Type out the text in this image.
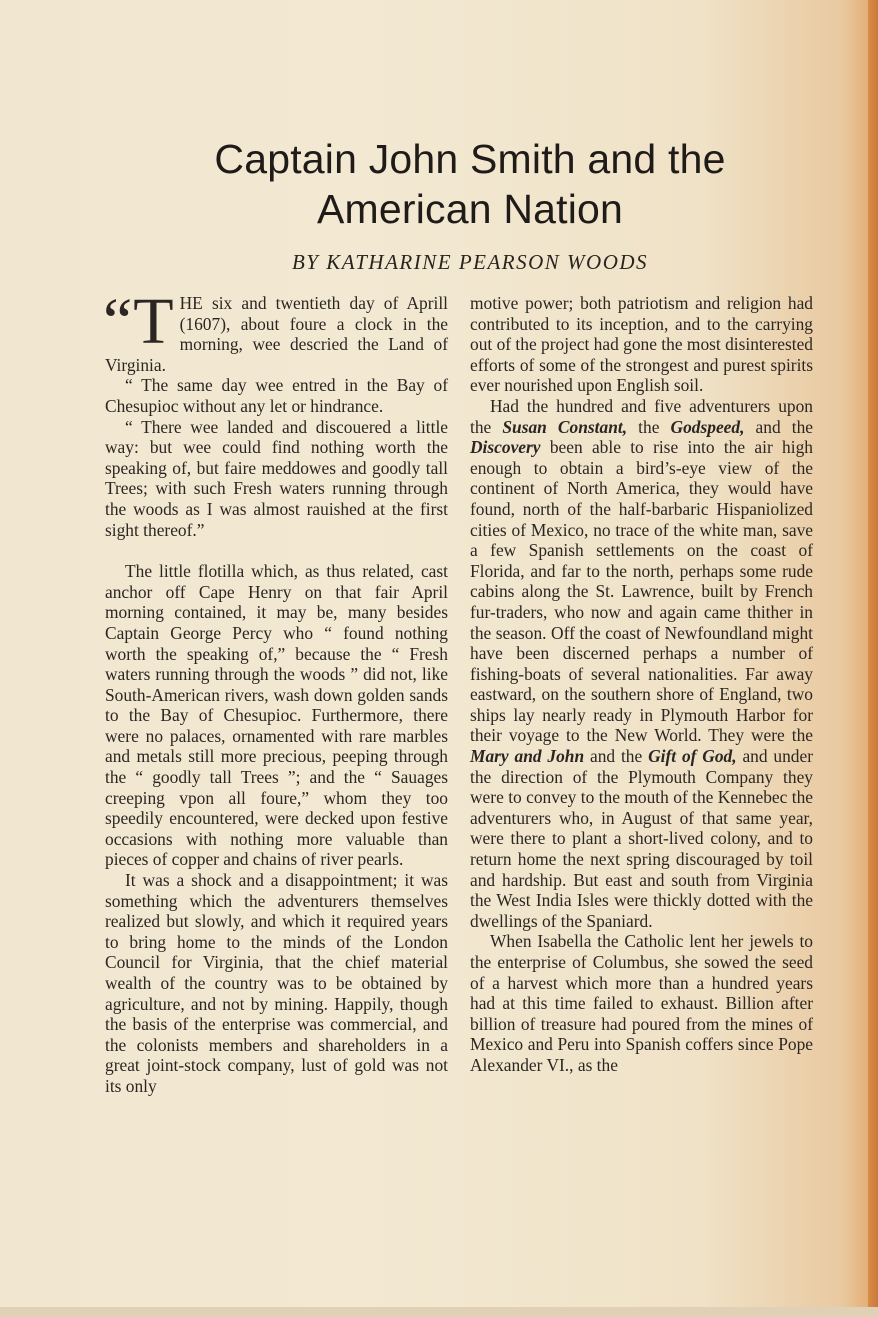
Captain John Smith and the
American Nation
BY KATHARINE PEARSON WOODS

“T HE six and twentieth day of Aprill (1607), about foure a clock in the morning, wee descried the Land of Virginia.

“ The same day wee entred in the Bay of Chesupioc without any let or hindrance.

“ There wee landed and discouered a little way: but wee could find nothing worth the speaking of, but faire meddowes and goodly tall Trees; with such Fresh waters running through the woods as I was almost rauished at the first sight thereof.”

The little flotilla which, as thus related, cast anchor off Cape Henry on that fair April morning contained, it may be, many besides Captain George Percy who “ found nothing worth the speaking of,” because the “ Fresh waters running through the woods ” did not, like South-American rivers, wash down golden sands to the Bay of Chesupioc. Furthermore, there were no palaces, ornamented with rare marbles and metals still more precious, peeping through the “ goodly tall Trees ”; and the “ Sauages creeping vpon all foure,” whom they too speedily encountered, were decked upon festive occasions with nothing more valuable than pieces of copper and chains of river pearls.

It was a shock and a disappointment; it was something which the adventurers themselves realized but slowly, and which it required years to bring home to the minds of the London Council for Virginia, that the chief material wealth of the country was to be obtained by agriculture, and not by mining. Happily, though the basis of the enterprise was commercial, and the colonists members and shareholders in a great joint-stock company, lust of gold was not its only

motive power; both patriotism and religion had contributed to its inception, and to the carrying out of the project had gone the most disinterested efforts of some of the strongest and purest spirits ever nourished upon English soil.

Had the hundred and five adventurers upon the Susan Constant, the Godspeed, and the Discovery been able to rise into the air high enough to obtain a bird’s-eye view of the continent of North America, they would have found, north of the half-barbaric Hispaniolized cities of Mexico, no trace of the white man, save a few Spanish settlements on the coast of Florida, and far to the north, perhaps some rude cabins along the St. Lawrence, built by French fur-traders, who now and again came thither in the season. Off the coast of Newfoundland might have been discerned perhaps a number of fishing-boats of several nationalities. Far away eastward, on the southern shore of England, two ships lay nearly ready in Plymouth Harbor for their voyage to the New World. They were the Mary and John and the Gift of God, and under the direction of the Plymouth Company they were to convey to the mouth of the Kennebec the adventurers who, in August of that same year, were there to plant a short-lived colony, and to return home the next spring discouraged by toil and hardship. But east and south from Virginia the West India Isles were thickly dotted with the dwellings of the Spaniard.

When Isabella the Catholic lent her jewels to the enterprise of Columbus, she sowed the seed of a harvest which more than a hundred years had at this time failed to exhaust. Billion after billion of treasure had poured from the mines of Mexico and Peru into Spanish coffers since Pope Alexander VI., as the
